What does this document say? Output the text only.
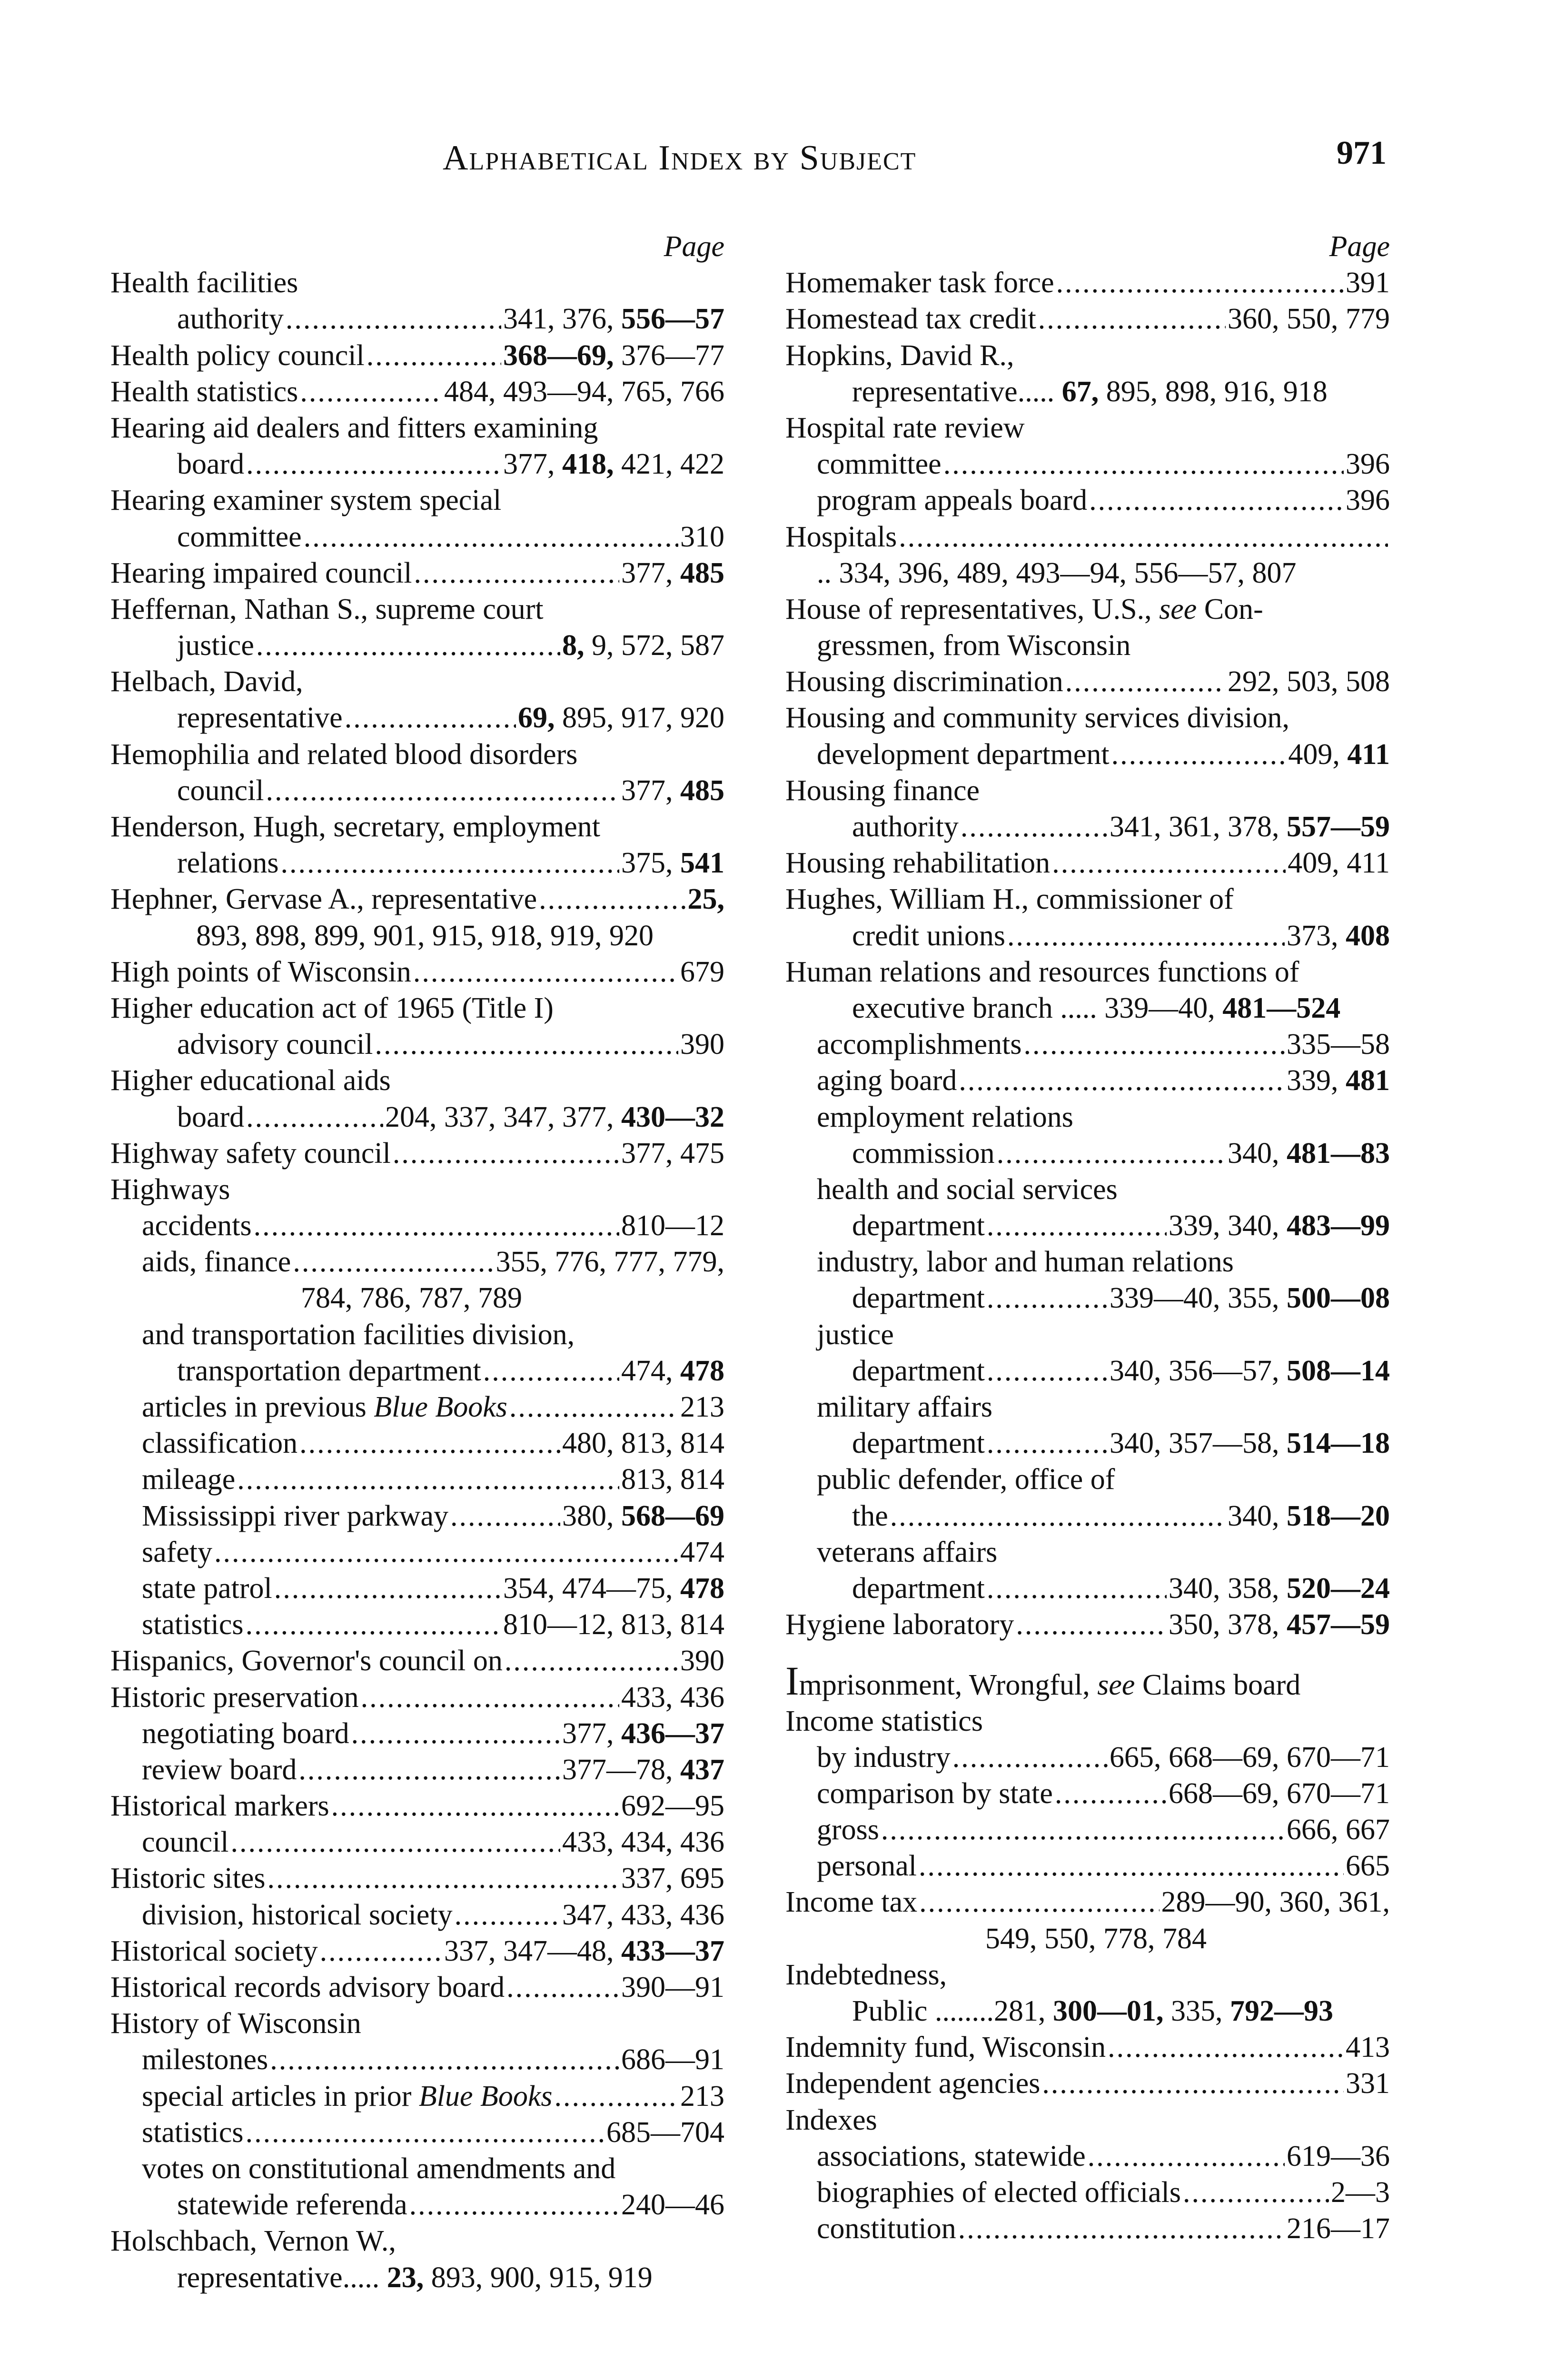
Alphabetical Index by Subject	971
Page
Health facilities
authority .....	341, 376, 556—57
Health policy council .....	368—69, 376—77
Health statistics .....	484, 493—94, 765, 766
Hearing aid dealers and fitters examining
board .....	377, 418, 421, 422
Hearing examiner system special
committee .....	310
Hearing impaired council .....	377, 485
Heffernan, Nathan S., supreme court
justice .....	8, 9, 572, 587
Helbach, David,
representative .....	69, 895, 917, 920
Hemophilia and related blood disorders
council .....	377, 485
Henderson, Hugh, secretary, employment
relations .....	375, 541
Hephner, Gervase A., representative .....	25,
893, 898, 899, 901, 915, 918, 919, 920
High points of Wisconsin .....	679
Higher education act of 1965 (Title I)
advisory council .....	390
Higher educational aids
board .....	204, 337, 347, 377, 430—32
Highway safety council .....	377, 475
Highways
accidents .....	810—12
aids, finance .....	355, 776, 777, 779,
784, 786, 787, 789
and transportation facilities division,
transportation department .....	474, 478
articles in previous Blue Books .....	213
classification .....	480, 813, 814
mileage .....	813, 814
Mississippi river parkway .....	380, 568—69
safety .....	474
state patrol .....	354, 474—75, 478
statistics .....	810—12, 813, 814
Hispanics, Governor's council on .....	390
Historic preservation .....	433, 436
negotiating board .....	377, 436—37
review board .....	377—78, 437
Historical markers .....	692—95
council .....	433, 434, 436
Historic sites .....	337, 695
division, historical society .....	347, 433, 436
Historical society .....	337, 347—48, 433—37
Historical records advisory board .....	390—91
History of Wisconsin
milestones .....	686—91
special articles in prior Blue Books .....	213
statistics .....	685—704
votes on constitutional amendments and
statewide referenda .....	240—46
Holschbach, Vernon W.,
representative..... 23, 893, 900, 915, 919
Page
Homemaker task force .....	391
Homestead tax credit .....	360, 550, 779
Hopkins, David R.,
representative..... 67, 895, 898, 916, 918
Hospital rate review
committee .....	396
program appeals board .....	396
Hospitals
.....
.. 334, 396, 489, 493—94, 556—57, 807
House of representatives, U.S., see Con-
gressmen, from Wisconsin
Housing discrimination .....	292, 503, 508
Housing and community services division,
development department .....	409, 411
Housing finance
authority .....	341, 361, 378, 557—59
Housing rehabilitation .....	409, 411
Hughes, William H., commissioner of
credit unions .....	373, 408
Human relations and resources functions of
executive branch ..... 339—40, 481—524
accomplishments .....	335—58
aging board .....	339, 481
employment relations
commission .....	340, 481—83
health and social services
department .....	339, 340, 483—99
industry, labor and human relations
department .....	339—40, 355, 500—08
justice
department .....	340, 356—57, 508—14
military affairs
department .....	340, 357—58, 514—18
public defender, office of
the .....	340, 518—20
veterans affairs
department .....	340, 358, 520—24
Hygiene laboratory .....	350, 378, 457—59
Imprisonment, Wrongful, see Claims board
Income statistics
by industry .....	665, 668—69, 670—71
comparison by state .....	668—69, 670—71
gross .....	666, 667
personal .....	665
Income tax .....	289—90, 360, 361,
549, 550, 778, 784
Indebtedness,
Public ........281, 300—01, 335, 792—93
Indemnity fund, Wisconsin .....	413
Independent agencies .....	331
Indexes
associations, statewide .....	619—36
biographies of elected officials .....	2—3
constitution .....	216—17
